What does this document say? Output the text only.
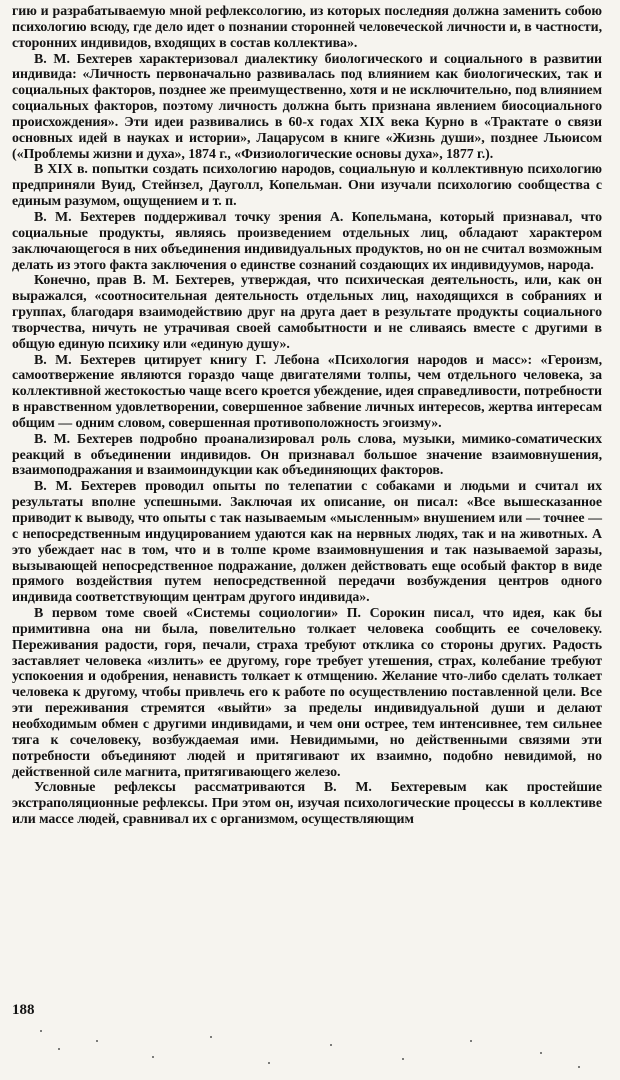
гию и разрабатываемую мной рефлексологию, из которых последняя должна заменить собою психологию всюду, где дело идет о познании сторонней человеческой личности и, в частности, сторонних индивидов, входящих в состав коллектива».

В. М. Бехтерев характеризовал диалектику биологического и социального в развитии индивида: «Личность первоначально развивалась под влиянием как биологических, так и социальных факторов, позднее же преимущественно, хотя и не исключительно, под влиянием социальных факторов, поэтому личность должна быть признана явлением биосоциального происхождения». Эти идеи развивались в 60-х годах XIX века Курно в «Трактате о связи основных идей в науках и истории», Лацарусом в книге «Жизнь души», позднее Льюисом («Проблемы жизни и духа», 1874 г., «Физиологические основы духа», 1877 г.).

В XIX в. попытки создать психологию народов, социальную и коллективную психологию предприняли Вуид, Стейнзел, Дауголл, Копельман. Они изучали психологию сообщества с единым разумом, ощущением и т. п.

В. М. Бехтерев поддерживал точку зрения А. Копельмана, который признавал, что социальные продукты, являясь произведением отдельных лиц, обладают характером заключающегося в них объединения индивидуальных продуктов, но он не считал возможным делать из этого факта заключения о единстве сознаний создающих их индивидуумов, народа.

Конечно, прав В. М. Бехтерев, утверждая, что психическая деятельность, или, как он выражался, «соотносительная деятельность отдельных лиц, находящихся в собраниях и группах, благодаря взаимодействию друг на друга дает в результате продукты социального творчества, ничуть не утрачивая своей самобытности и не сливаясь вместе с другими в общую единую психику или «единую душу».

В. М. Бехтерев цитирует книгу Г. Лебона «Психология народов и масс»: «Героизм, самоотвержение являются гораздо чаще двигателями толпы, чем отдельного человека, за коллективной жестокостью чаще всего кроется убеждение, идея справедливости, потребности в нравственном удовлетворении, совершенное забвение личных интересов, жертва интересам общим — одним словом, совершенная противоположность эгоизму».

В. М. Бехтерев подробно проанализировал роль слова, музыки, мимико-соматических реакций в объединении индивидов. Он признавал большое значение взаимовнушения, взаимоподражания и взаимоиндукции как объединяющих факторов.

В. М. Бехтерев проводил опыты по телепатии с собаками и людьми и считал их результаты вполне успешными. Заключая их описание, он писал: «Все вышесказанное приводит к выводу, что опыты с так называемым «мысленным» внушением или — точнее — с непосредственным индуцированием удаются как на нервных людях, так и на животных. А это убеждает нас в том, что и в толпе кроме взаимовнушения и так называемой заразы, вызывающей непосредственное подражание, должен действовать еще особый фактор в виде прямого воздействия путем непосредственной передачи возбуждения центров одного индивида соответствующим центрам другого индивида».

В первом томе своей «Системы социологии» П. Сорокин писал, что идея, как бы примитивна она ни была, повелительно толкает человека сообщить ее сочеловеку. Переживания радости, горя, печали, страха требуют отклика со стороны других. Радость заставляет человека «излить» ее другому, горе требует утешения, страх, колебание требуют успокоения и одобрения, ненависть толкает к отмщению. Желание что-либо сделать толкает человека к другому, чтобы привлечь его к работе по осуществлению поставленной цели. Все эти переживания стремятся «выйти» за пределы индивидуальной души и делают необходимым обмен с другими индивидами, и чем они острее, тем интенсивнее, тем сильнее тяга к сочеловеку, возбуждаемая ими. Невидимыми, но действенными связями эти потребности объединяют людей и притягивают их взаимно, подобно невидимой, но действенной силе магнита, притягивающего железо.

Условные рефлексы рассматриваются В. М. Бехтеревым как простейшие экстраполяционные рефлексы. При этом он, изучая психологические процессы в коллективе или массе людей, сравнивал их с организмом, осуществляющим

188
